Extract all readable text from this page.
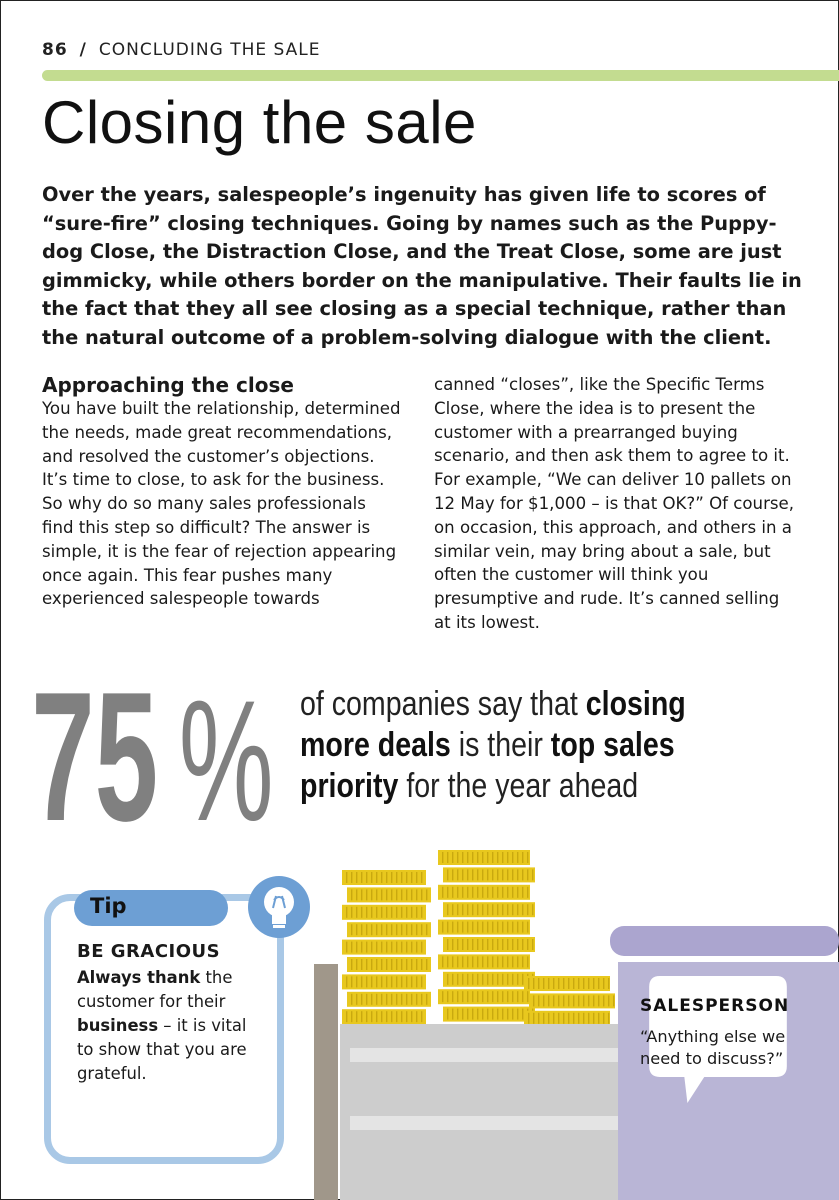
86 / CONCLUDING THE SALE
Closing the sale

Over the years, salespeople’s ingenuity has given life to scores of “sure-fire” closing techniques. Going by names such as the Puppy-dog Close, the Distraction Close, and the Treat Close, some are just gimmicky, while others border on the manipulative. Their faults lie in the fact that they all see closing as a special technique, rather than the natural outcome of a problem-solving dialogue with the client.

Approaching the close
You have built the relationship, determined the needs, made great recommendations, and resolved the customer’s objections. It’s time to close, to ask for the business. So why do so many sales professionals find this step so difficult? The answer is simple, it is the fear of rejection appearing once again. This fear pushes many experienced salespeople towards
canned “closes”, like the Specific Terms Close, where the idea is to present the customer with a prearranged buying scenario, and then ask them to agree to it. For example, “We can deliver 10 pallets on 12 May for $1,000 – is that OK?” Of course, on occasion, this approach, and others in a similar vein, may bring about a sale, but often the customer will think you presumptive and rude. It’s canned selling at its lowest.
75 % of companies say that closing more deals is their top sales priority for the year ahead
SALESPERSON
“Anything else we need to discuss?”
Tip
BE GRACIOUS
Always thank the customer for their business – it is vital to show that you are grateful.
